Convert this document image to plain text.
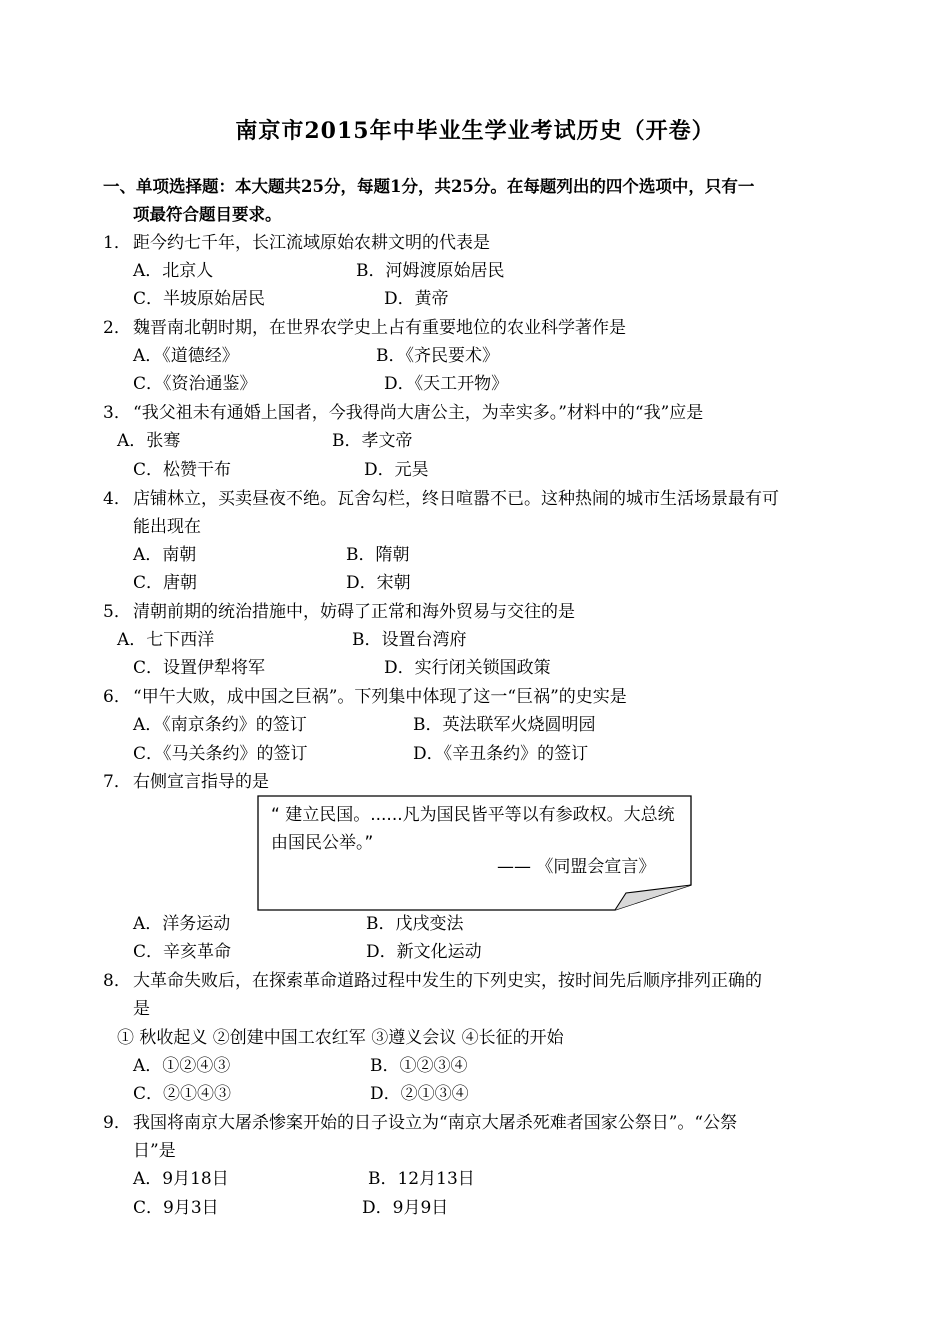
南京市2015年中毕业生学业考试历史（开卷）
一、单项选择题：本大题共25分，每题1分，共25分。在每题列出的四个选项中，只有一
项最符合题目要求。
1． 距今约七千年，长江流域原始农耕文明的代表是
A．北京人	B．河姆渡原始居民
C．半坡原始居民	D．黄帝
2． 魏晋南北朝时期，在世界农学史上占有重要地位的农业科学著作是
A．《道德经》	B．《齐民要术》
C．《资治通鉴》	D．《天工开物》
3． “我父祖未有通婚上国者，今我得尚大唐公主，为幸实多。”材料中的“我”应是
A．张骞	B．孝文帝
C．松赞干布	D．元昊
4． 店铺林立，买卖昼夜不绝。瓦舍勾栏，终日喧嚣不已。这种热闹的城市生活场景最有可
能出现在
A．南朝	B．隋朝
C．唐朝	D．宋朝
5． 清朝前期的统治措施中，妨碍了正常和海外贸易与交往的是
A．七下西洋	B．设置台湾府
C．设置伊犁将军	D．实行闭关锁国政策
6． “甲午大败，成中国之巨祸”。下列集中体现了这一“巨祸”的史实是
A．《南京条约》的签订	B．英法联军火烧圆明园
C．《马关条约》的签订	D．《辛丑条约》的签订
7． 右侧宣言指导的是
“ 建立民国。......凡为国民皆平等以有参政权。大总统由国民公举。”
—— 《同盟会宣言》
A．洋务运动	B．戊戌变法
C．辛亥革命	D．新文化运动
8． 大革命失败后，在探索革命道路过程中发生的下列史实，按时间先后顺序排列正确的
是
① 秋收起义 ②创建中国工农红军 ③遵义会议 ④长征的开始
A．①②④③	B．①②③④
C．②①④③	D．②①③④
9． 我国将南京大屠杀惨案开始的日子设立为“南京大屠杀死难者国家公祭日”。“公祭
日”是
A．9月18日	B．12月13日
C．9月3日	D．9月9日
